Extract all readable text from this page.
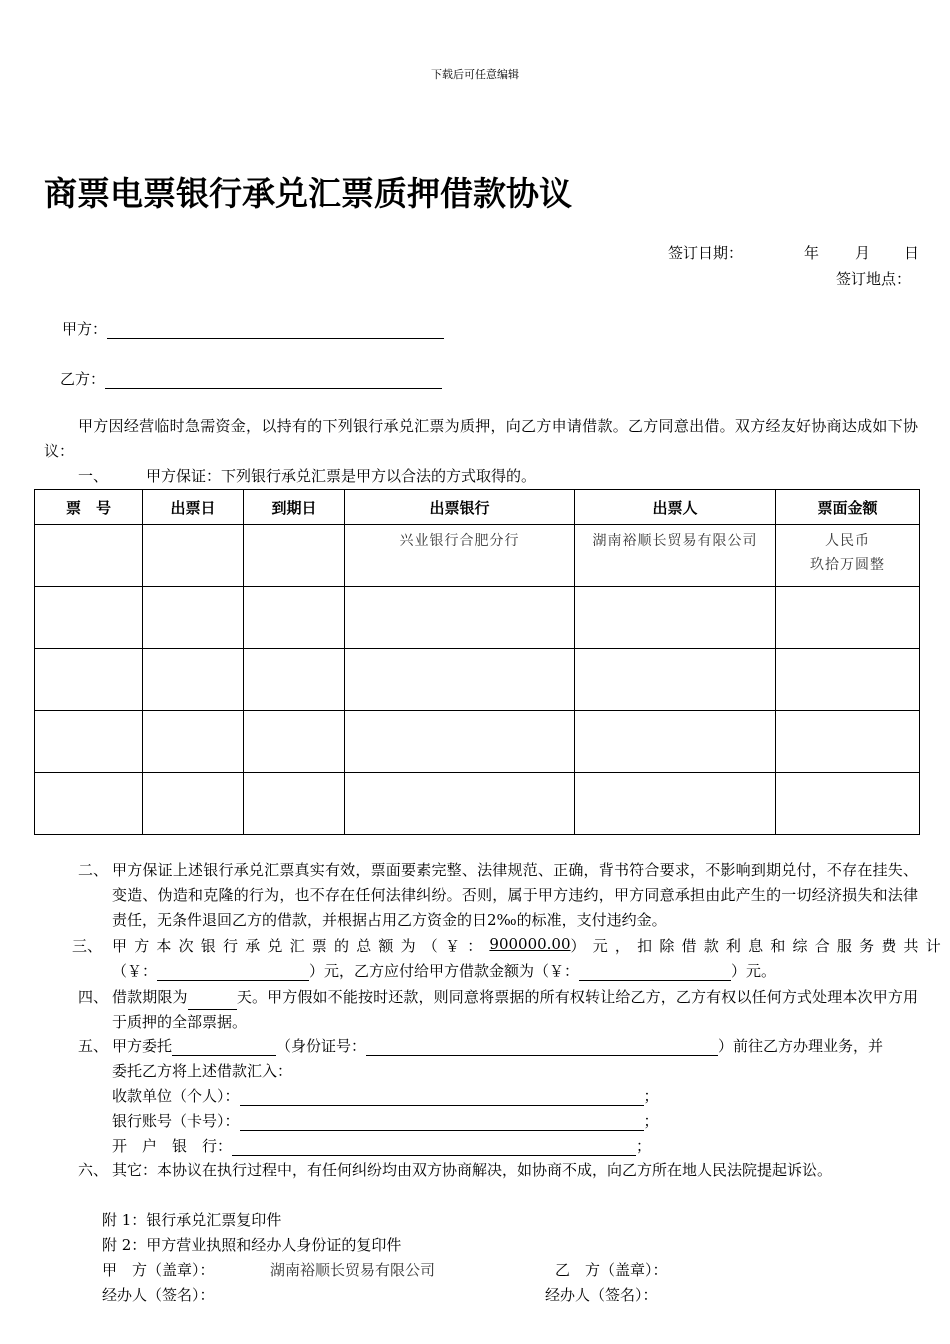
下载后可任意编辑
商票电票银行承兑汇票质押借款协议
签订日期：	年 月 日
签订地点：
甲方：
乙方：
甲方因经营临时急需资金，以持有的下列银行承兑汇票为质押，向乙方申请借款。乙方同意出借。双方经友好协商达成如下协议：
一、	甲方保证：下列银行承兑汇票是甲方以合法的方式取得的。
票　号	出票日	到期日	出票银行	出票人	票面金额

			兴业银行合肥分行	湖南裕顺长贸易有限公司	人民币
玖拾万圆整

二、 甲方保证上述银行承兑汇票真实有效，票面要素完整、法律规范、正确，背书符合要求，不影响到期兑付，不存在挂失、变造、伪造和克隆的行为，也不存在任何法律纠纷。否则，属于甲方违约，甲方同意承担由此产生的一切经济损失和法律责任，无条件退回乙方的借款，并根据占用乙方资金的日2‰的标准，支付违约金。
三、 甲方本次银行承兑汇票的总额为（￥： 900000.00 ）元，扣除借款利息和综合服务费共计
（￥：	）元，乙方应付给甲方借款金额为（￥：	）元。
四、 借款期限为	天。甲方假如不能按时还款，则同意将票据的所有权转让给乙方，乙方有权以任何方式处理本次甲方用于质押的全部票据。
五、 甲方委托	（身份证号：	）前往乙方办理业务，并
委托乙方将上述借款汇入：
收款单位（个人）：	；
银行账号（卡号）：	；
开　户　银　行：	；
六、 其它：本协议在执行过程中，有任何纠纷均由双方协商解决，如协商不成，向乙方所在地人民法院提起诉讼。
附 1：银行承兑汇票复印件
附 2：甲方营业执照和经办人身份证的复印件
甲　方（盖章）：	湖南裕顺长贸易有限公司	乙　方（盖章）：
经办人（签名）：	经办人（签名）：
